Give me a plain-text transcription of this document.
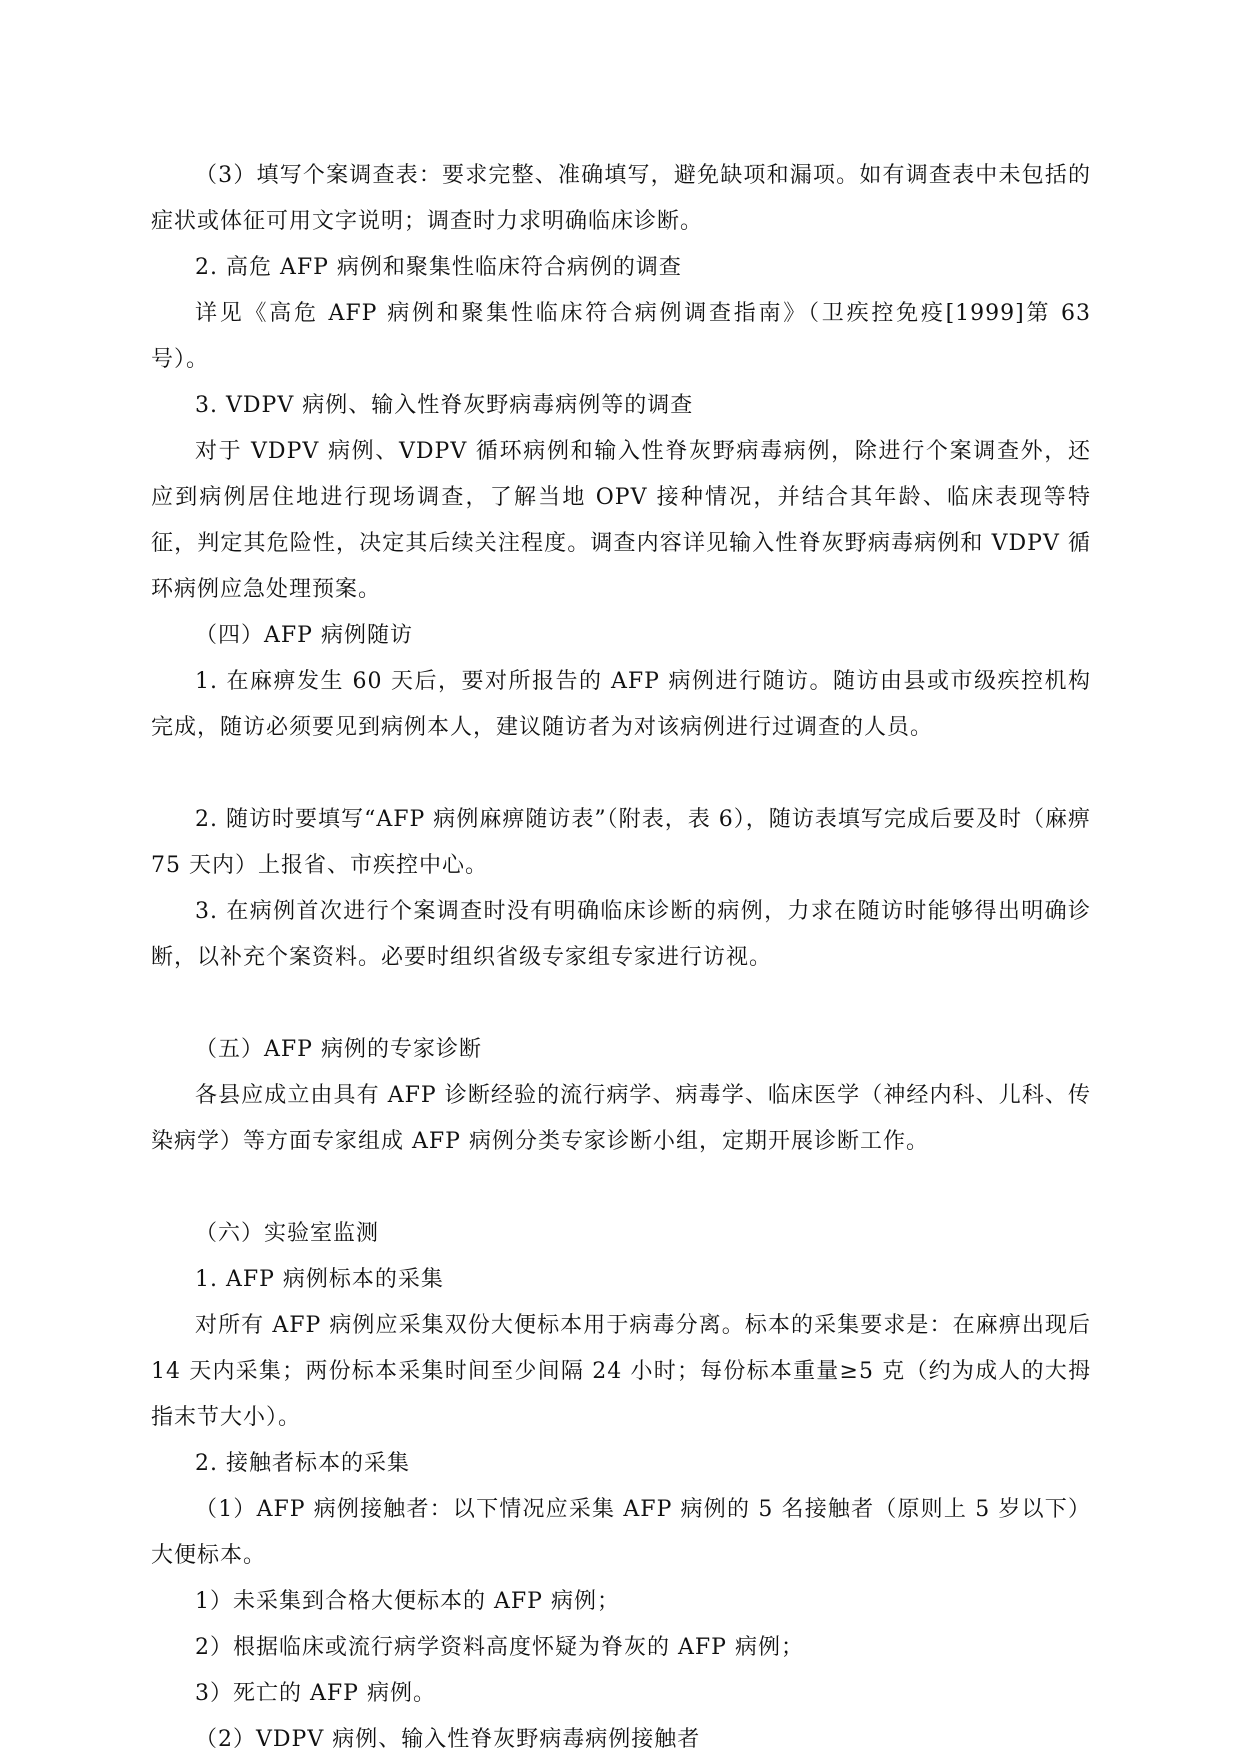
（3）填写个案调查表：要求完整、准确填写，避免缺项和漏项。如有调查表中未包括的症状或体征可用文字说明；调查时力求明确临床诊断。

2. 高危 AFP 病例和聚集性临床符合病例的调查

详见《高危 AFP 病例和聚集性临床符合病例调查指南》（卫疾控免疫[1999]第 63 号）。

3. VDPV 病例、输入性脊灰野病毒病例等的调查

对于 VDPV 病例、VDPV 循环病例和输入性脊灰野病毒病例，除进行个案调查外，还应到病例居住地进行现场调查，了解当地 OPV 接种情况，并结合其年龄、临床表现等特征，判定其危险性，决定其后续关注程度。调查内容详见输入性脊灰野病毒病例和 VDPV 循环病例应急处理预案。

（四）AFP 病例随访

1. 在麻痹发生 60 天后，要对所报告的 AFP 病例进行随访。随访由县或市级疾控机构完成，随访必须要见到病例本人，建议随访者为对该病例进行过调查的人员。

2. 随访时要填写“AFP 病例麻痹随访表”（附表，表 6），随访表填写完成后要及时（麻痹 75 天内）上报省、市疾控中心。

3. 在病例首次进行个案调查时没有明确临床诊断的病例，力求在随访时能够得出明确诊断，以补充个案资料。必要时组织省级专家组专家进行访视。

（五）AFP 病例的专家诊断

各县应成立由具有 AFP 诊断经验的流行病学、病毒学、临床医学（神经内科、儿科、传染病学）等方面专家组成 AFP 病例分类专家诊断小组，定期开展诊断工作。

（六）实验室监测

1. AFP 病例标本的采集

对所有 AFP 病例应采集双份大便标本用于病毒分离。标本的采集要求是：在麻痹出现后 14 天内采集；两份标本采集时间至少间隔 24 小时；每份标本重量≥5 克（约为成人的大拇指末节大小）。

2. 接触者标本的采集

（1）AFP 病例接触者：以下情况应采集 AFP 病例的 5 名接触者（原则上 5 岁以下）大便标本。

1）未采集到合格大便标本的 AFP 病例；

2）根据临床或流行病学资料高度怀疑为脊灰的 AFP 病例；

3）死亡的 AFP 病例。

（2）VDPV 病例、输入性脊灰野病毒病例接触者
